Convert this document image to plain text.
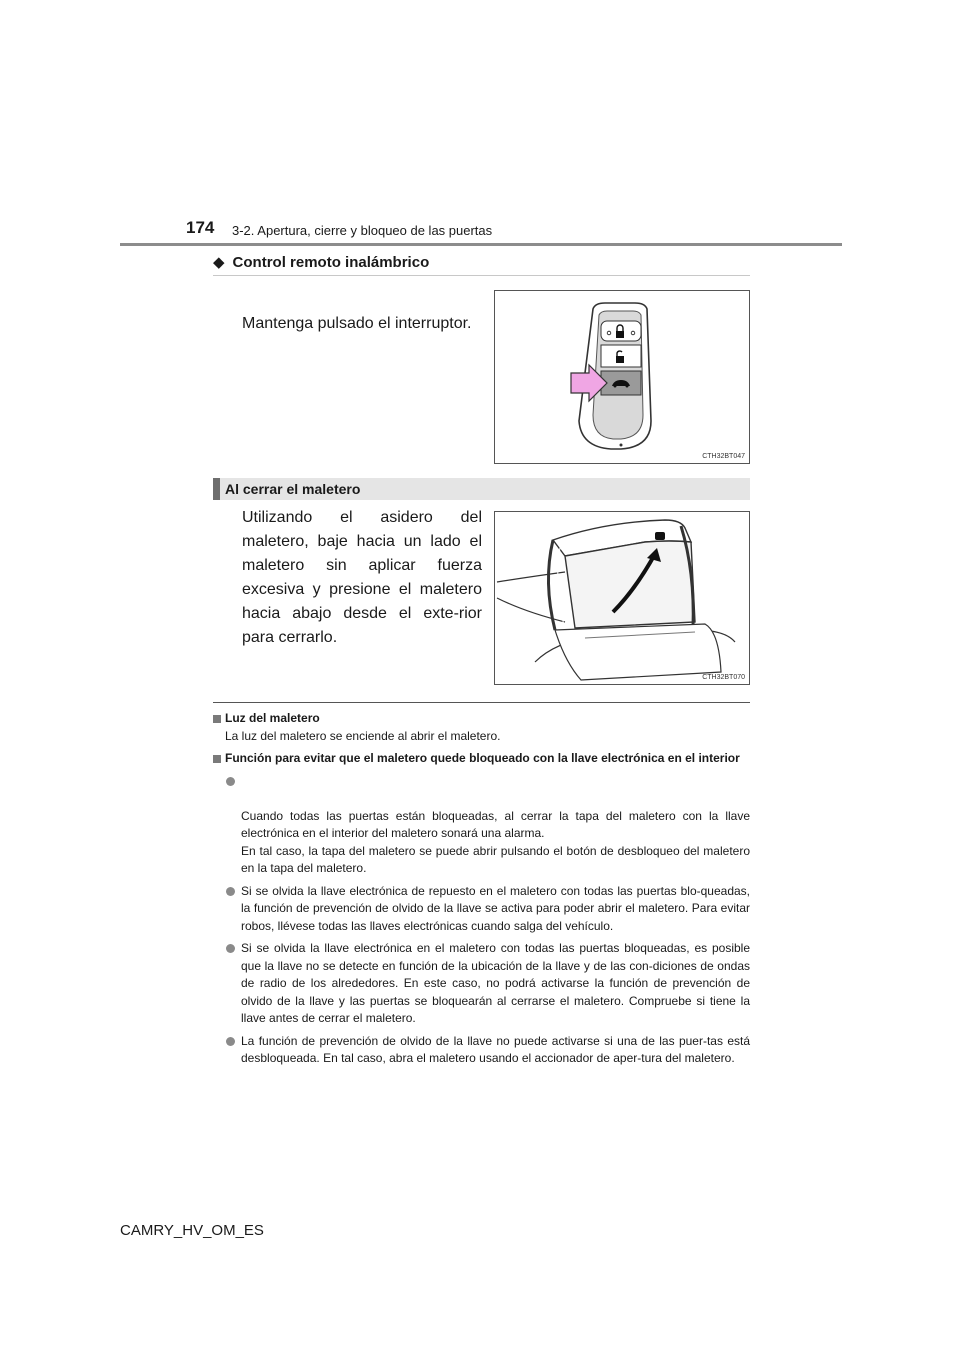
174 3-2. Apertura, cierre y bloqueo de las puertas
◆ Control remoto inalámbrico
Mantenga pulsado el interruptor.
CTH32BT047
Al cerrar el maletero
Utilizando el asidero del maletero, baje hacia un lado el maletero sin aplicar fuerza excesiva y presione el maletero hacia abajo desde el exte-rior para cerrarlo.
CTH32BT070
Luz del maletero
La luz del maletero se enciende al abrir el maletero.
Función para evitar que el maletero quede bloqueado con la llave electrónica en el interior

Cuando todas las puertas están bloqueadas, al cerrar la tapa del maletero con la llave electrónica en el interior del maletero sonará una alarma.
En tal caso, la tapa del maletero se puede abrir pulsando el botón de desbloqueo del maletero en la tapa del maletero.

Si se olvida la llave electrónica de repuesto en el maletero con todas las puertas blo-queadas, la función de prevención de olvido de la llave se activa para poder abrir el maletero. Para evitar robos, llévese todas las llaves electrónicas cuando salga del vehículo.
Si se olvida la llave electrónica en el maletero con todas las puertas bloqueadas, es posible que la llave no se detecte en función de la ubicación de la llave y de las con-diciones de ondas de radio de los alrededores. En este caso, no podrá activarse la función de prevención de olvido de la llave y las puertas se bloquearán al cerrarse el maletero. Compruebe si tiene la llave antes de cerrar el maletero.
La función de prevención de olvido de la llave no puede activarse si una de las puer-tas está desbloqueada. En tal caso, abra el maletero usando el accionador de aper-tura del maletero.
CAMRY_HV_OM_ES
